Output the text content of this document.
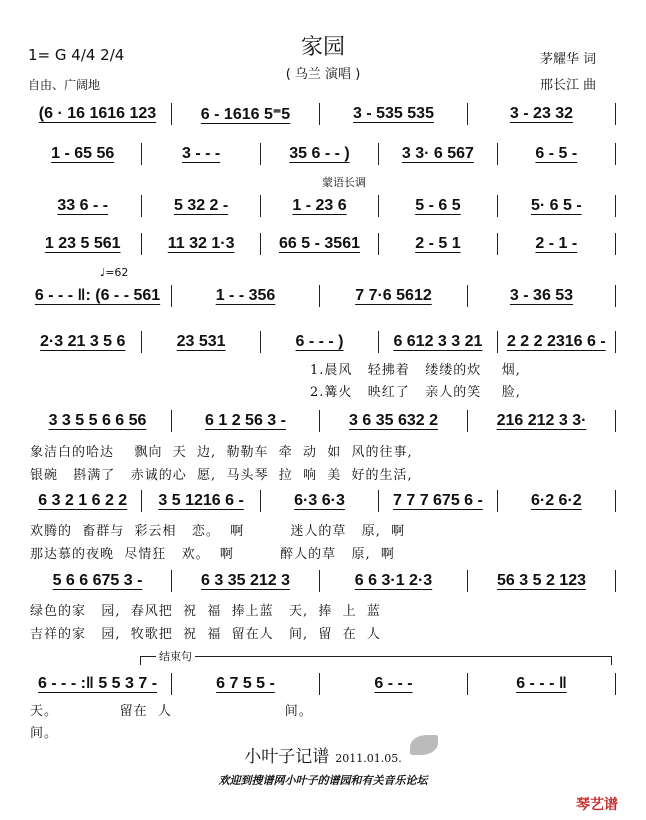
家园
( 乌兰 演唱 )
1= G 4/4 2/4
自由、广阔地
茅耀华 词
邢长江 曲
蒙语长调
♩=62
结束句
(6 · 16 1616 123	6 - 1616 5⁼5	3 - 535 535	3 - 23 32
1 - 65 56	3 - - -	35 6 - - )	3 3· 6 567	6 - 5 -
33 6 - -	5 32 2 -	1 - 23 6	5 - 6 5	5· 6 5 -
1 23 5 561	11 32 1·3	66 5 - 3561	2 - 5 1	2 - 1 -
6 - - - ‖: (6 - - 561	1 - - 356	7 7·6 5612	3 - 36 53
2·3 21 3 5 6	23 531	6 - - - )	6 612 3 3 21	2 2 2 2316 6 -
3 3 5 5 6 6 56	6 1 2 56 3 -	3 6 35 632 2	216 212 3 3·
6 3 2 1 6 2 2	3 5 1216 6 -	6·3 6·3	7 7 7 675 6 -	6·2 6·2
5 6 6 675 3 -	6 3 35 212 3	6 6 3·1 2·3	56 3 5 2 123
6 - - - :‖ 5 5 3 7 -	6 7 5 5 -	6 - - -	6 - - - ‖
1.晨风   轻拂着   缕缕的炊    烟,
2.篝火   映红了   亲人的笑    脸,
象洁白的哈达    飘向  天  边,  勒勒车  牵  动  如  风的往事,
银碗   斟满了   赤诚的心  愿,  马头琴  拉  响  美  好的生活,
欢腾的  畜群与  彩云相   恋。  啊         迷人的草   原,  啊
那达慕的夜晚  尽情狂   欢。  啊         醉人的草   原,  啊
绿色的家   园,  春风把  祝  福  捧上蓝   天,  捧  上  蓝
吉祥的家   园,  牧歌把  祝  福  留在人   间,  留  在  人
天。            留在  人                      间。
间。
小叶子记谱 2011.01.05.
欢迎到搜谱网小叶子的谱园和有关音乐论坛
琴艺谱
